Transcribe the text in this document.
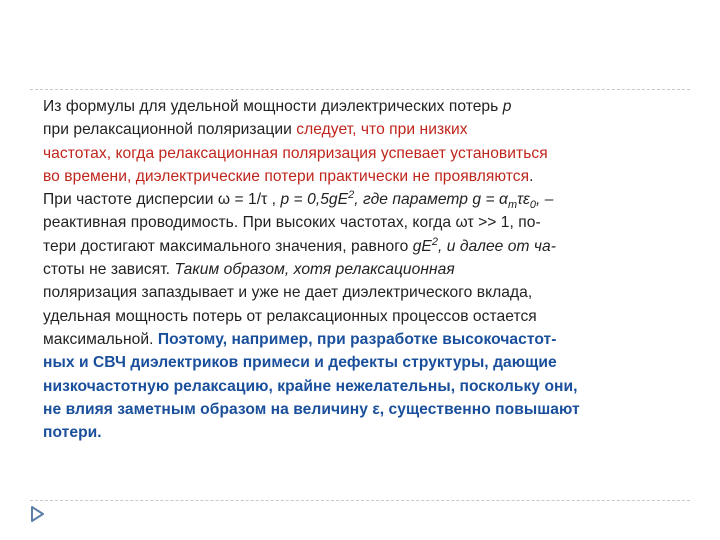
Из формулы для удельной мощности диэлектрических потерь p
при релаксационной поляризации следует, что при низких
частотах, когда релаксационная поляризация успевает установиться
во времени, диэлектрические потери практически не проявляются.
При частоте дисперсии ω = 1/τ , $p = 0,5gE^2$, где параметр $g = \alpha_m\tau\varepsilon_0$, –
реактивная проводимость. При высоких частотах, когда ωτ >> 1, по-
тери достигают максимального значения, равного $gE^2$, и далее от ча-
стоты не зависят. Таким образом, хотя релаксационная
поляризация запаздывает и уже не дает диэлектрического вклада,
удельная мощность потерь от релаксационных процессов остается
максимальной. Поэтому, например, при разработке высокочастот-
ных и СВЧ диэлектриков примеси и дефекты структуры, дающие
низкочастотную релаксацию, крайне нежелательны, поскольку они,
не влияя заметным образом на величину ε, существенно повышают
потери.
